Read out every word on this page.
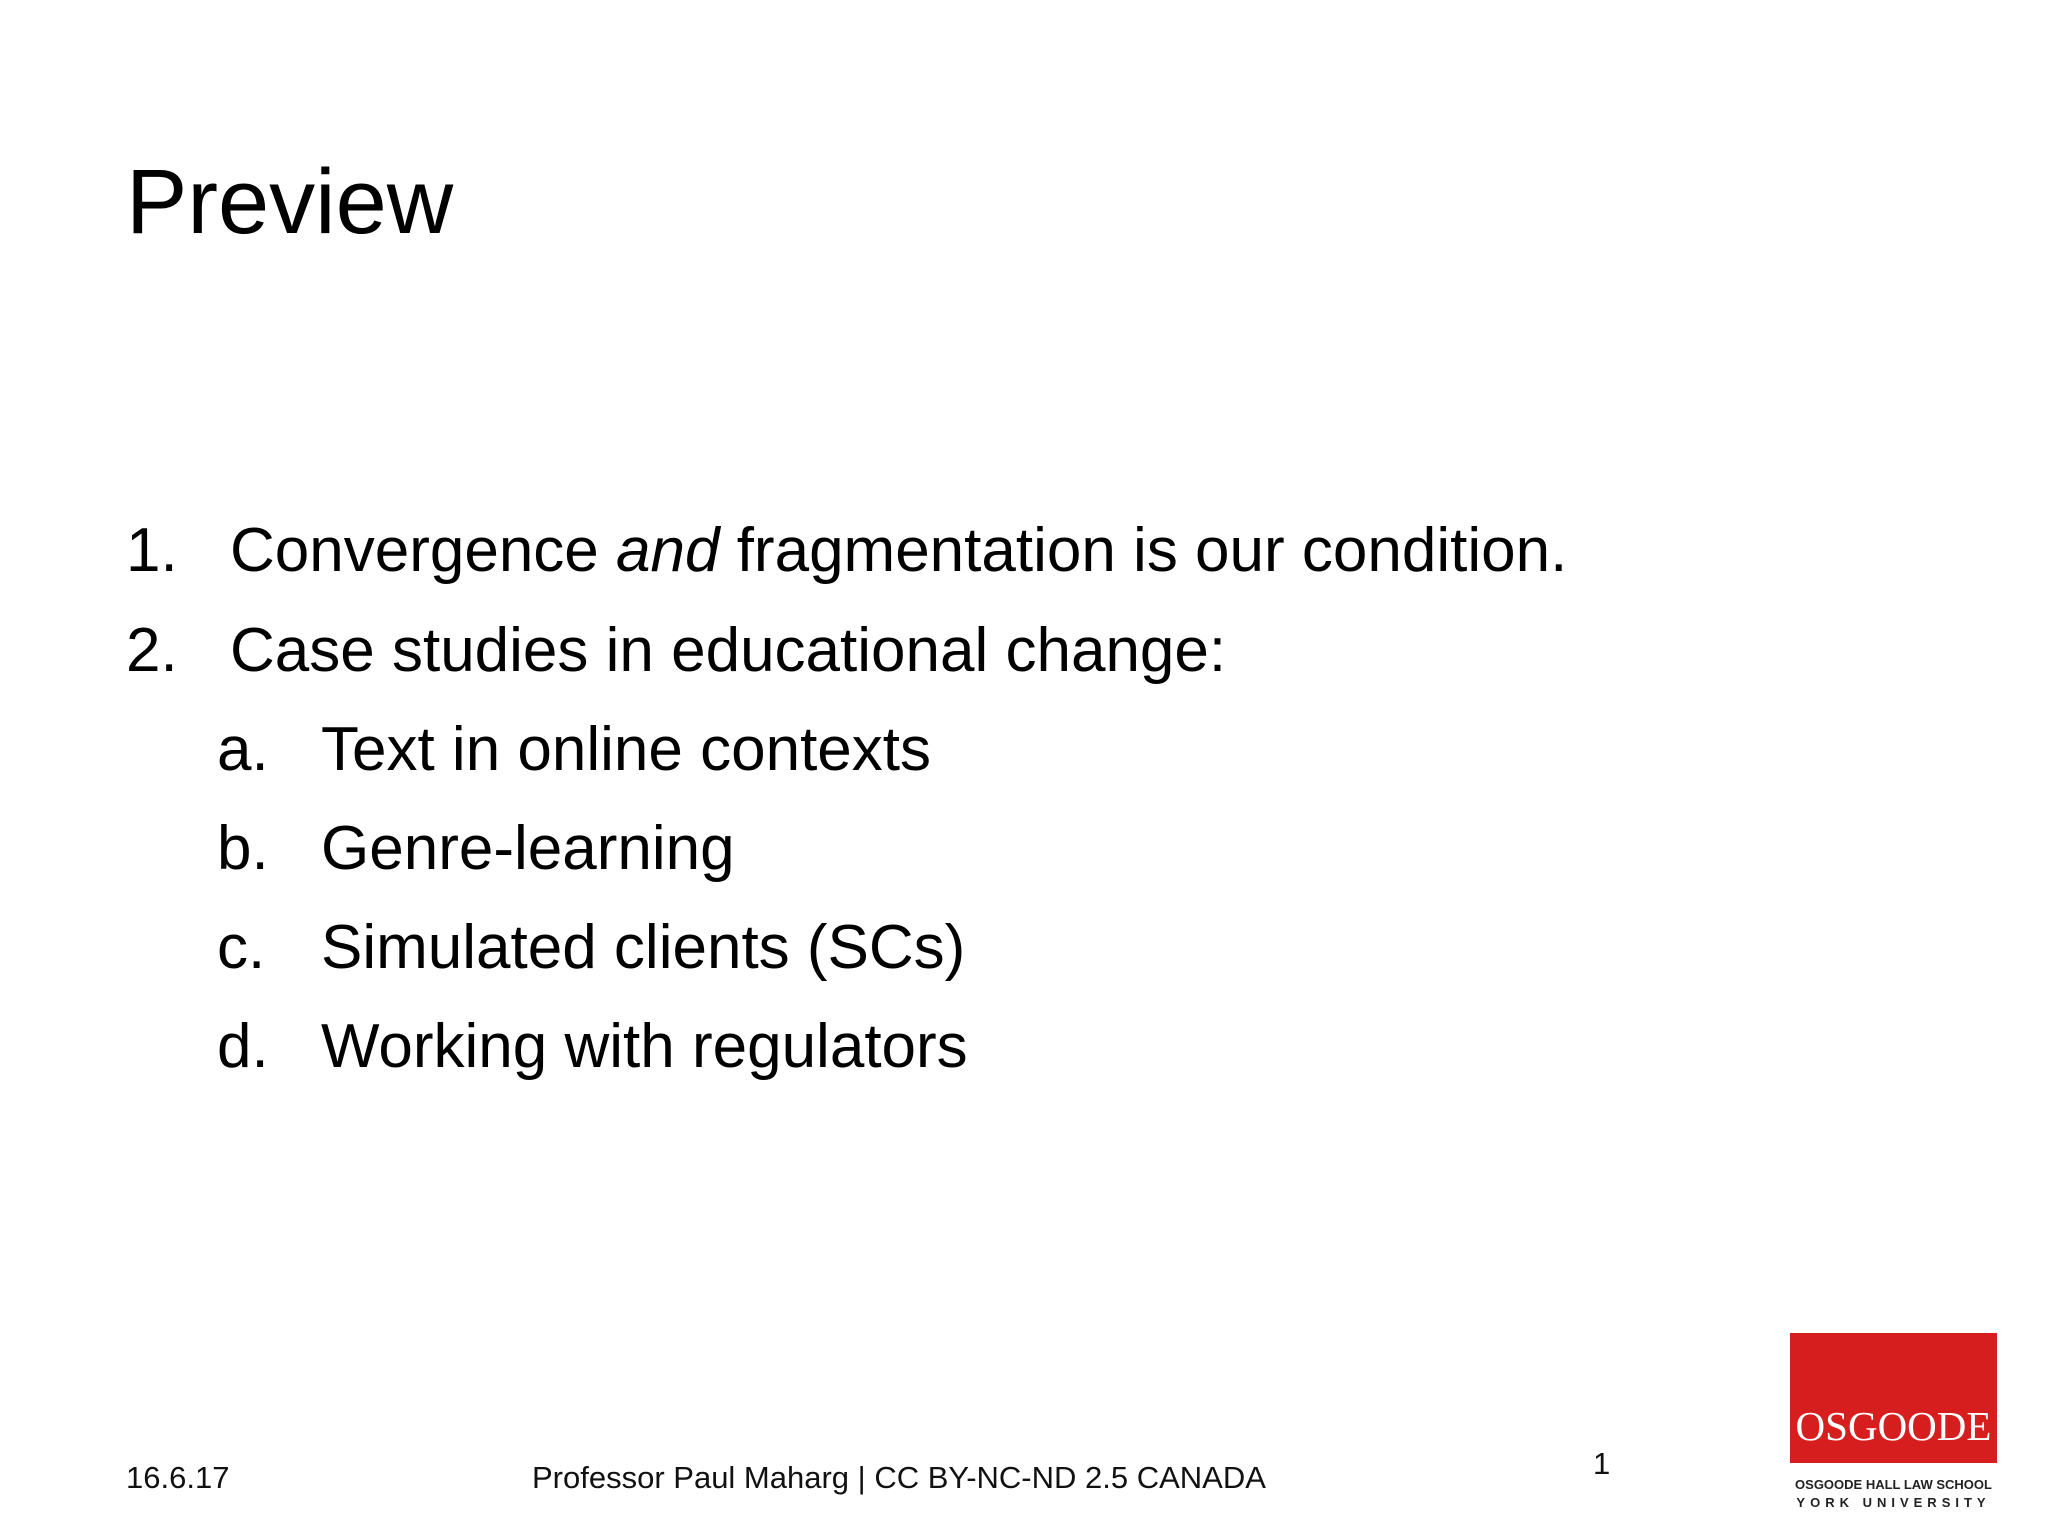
Preview
1. Convergence and fragmentation is our condition.
2. Case studies in educational change:
a. Text in online contexts
b. Genre-learning
c. Simulated clients (SCs)
d. Working with regulators
16.6.17	Professor Paul Maharg | CC BY-NC-ND 2.5 CANADA	1
OSGOODE
OSGOODE HALL LAW SCHOOL
YORK UNIVERSITY
